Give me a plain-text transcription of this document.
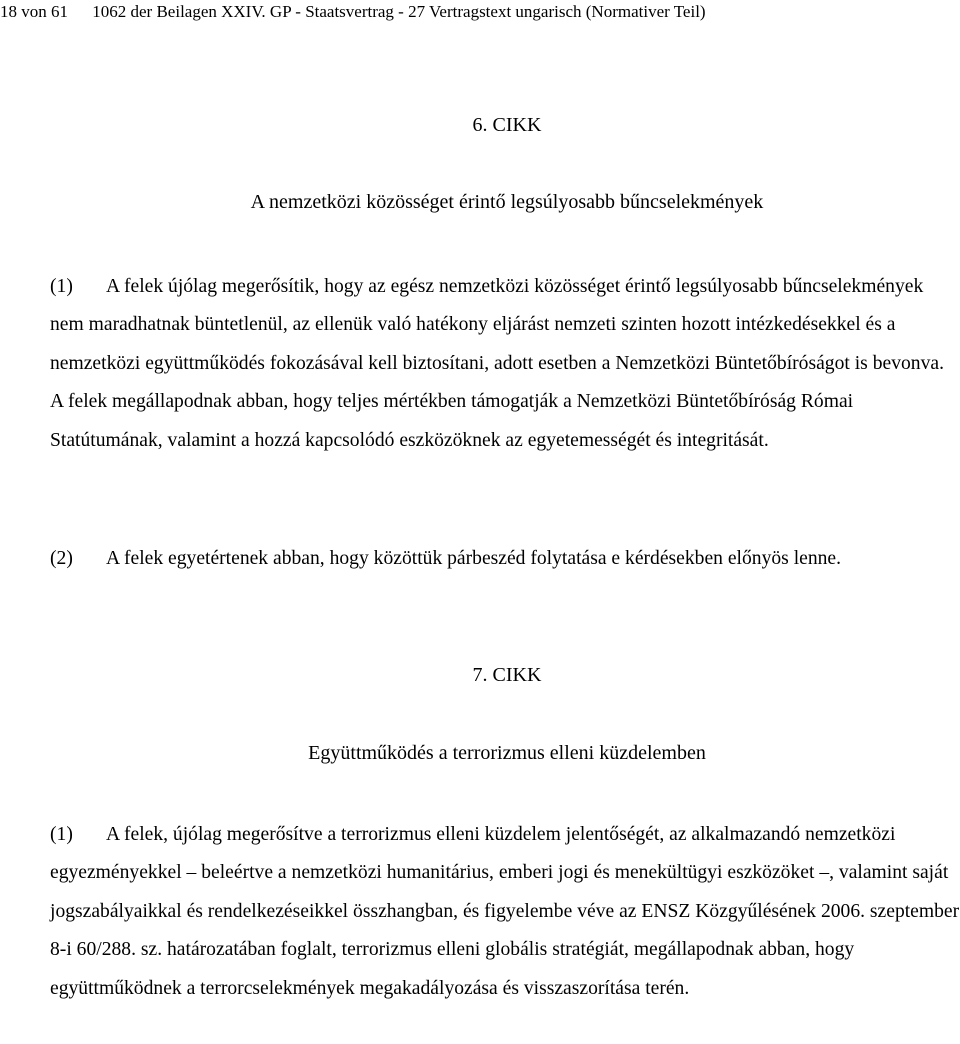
18 von 61 1062 der Beilagen XXIV. GP - Staatsvertrag - 27 Vertragstext ungarisch (Normativer Teil)
6. CIKK
A nemzetközi közösséget érintő legsúlyosabb bűncselekmények

(1) A felek újólag megerősítik, hogy az egész nemzetközi közösséget érintő legsúlyosabb bűncselekmények nem maradhatnak büntetlenül, az ellenük való hatékony eljárást nemzeti szinten hozott intézkedésekkel és a nemzetközi együttműködés fokozásával kell biztosítani, adott esetben a Nemzetközi Büntetőbíróságot is bevonva. A felek megállapodnak abban, hogy teljes mértékben támogatják a Nemzetközi Büntetőbíróság Római Statútumának, valamint a hozzá kapcsolódó eszközöknek az egyetemességét és integritását.

(2) A felek egyetértenek abban, hogy közöttük párbeszéd folytatása e kérdésekben előnyös lenne.

7. CIKK
Együttműködés a terrorizmus elleni küzdelemben

(1) A felek, újólag megerősítve a terrorizmus elleni küzdelem jelentőségét, az alkalmazandó nemzetközi egyezményekkel – beleértve a nemzetközi humanitárius, emberi jogi és menekültügyi eszközöket –, valamint saját jogszabályaikkal és rendelkezéseikkel összhangban, és figyelembe véve az ENSZ Közgyűlésének 2006. szeptember 8-i 60/288. sz. határozatában foglalt, terrorizmus elleni globális stratégiát, megállapodnak abban, hogy együttműködnek a terrorcselekmények megakadályozása és visszaszorítása terén.
